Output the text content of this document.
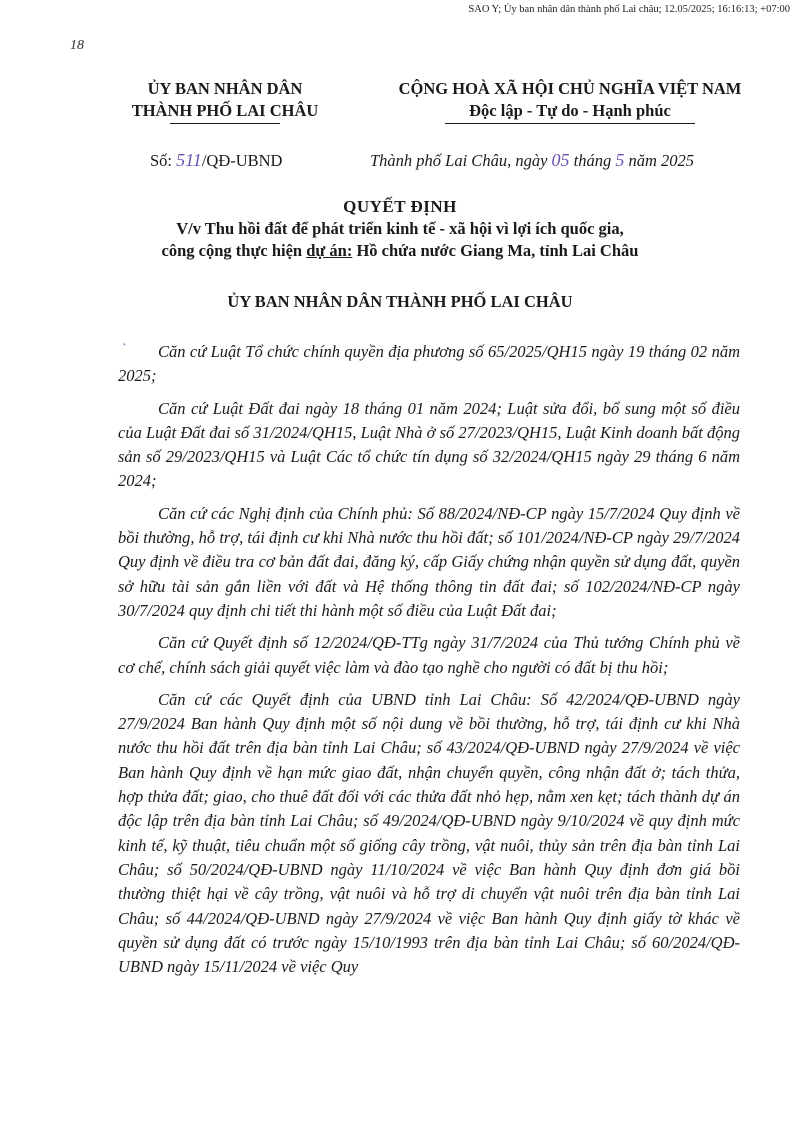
SAO Y; Ủy ban nhân dân thành phố Lai châu; 12.05/2025; 16:16:13; +07:00
18
ỦY BAN NHÂN DÂN
THÀNH PHỐ LAI CHÂU
CỘNG HOÀ XÃ HỘI CHỦ NGHĨA VIỆT NAM
Độc lập - Tự do - Hạnh phúc
Số: 511/QĐ-UBND	Thành phố Lai Châu, ngày 05 tháng 5 năm 2025
QUYẾT ĐỊNH
V/v Thu hồi đất để phát triển kinh tế - xã hội vì lợi ích quốc gia,
công cộng thực hiện dự án: Hồ chứa nước Giang Ma, tỉnh Lai Châu
ỦY BAN NHÂN DÂN THÀNH PHỐ LAI CHÂU
ˋ	Căn cứ Luật Tổ chức chính quyền địa phương số 65/2025/QH15 ngày 19 tháng 02 năm 2025;

Căn cứ Luật Đất đai ngày 18 tháng 01 năm 2024; Luật sửa đổi, bổ sung một số điều của Luật Đất đai số 31/2024/QH15, Luật Nhà ở số 27/2023/QH15, Luật Kinh doanh bất động sản số 29/2023/QH15 và Luật Các tổ chức tín dụng số 32/2024/QH15 ngày 29 tháng 6 năm 2024;

Căn cứ các Nghị định của Chính phủ: Số 88/2024/NĐ-CP ngày 15/7/2024 Quy định về bồi thường, hỗ trợ, tái định cư khi Nhà nước thu hồi đất; số 101/2024/NĐ-CP ngày 29/7/2024 Quy định về điều tra cơ bản đất đai, đăng ký, cấp Giấy chứng nhận quyền sử dụng đất, quyền sở hữu tài sản gắn liền với đất và Hệ thống thông tin đất đai; số 102/2024/NĐ-CP ngày 30/7/2024 quy định chi tiết thi hành một số điều của Luật Đất đai;

Căn cứ Quyết định số 12/2024/QĐ-TTg ngày 31/7/2024 của Thủ tướng Chính phủ về cơ chế, chính sách giải quyết việc làm và đào tạo nghề cho người có đất bị thu hồi;

Căn cứ các Quyết định của UBND tỉnh Lai Châu: Số 42/2024/QĐ-UBND ngày 27/9/2024 Ban hành Quy định một số nội dung về bồi thường, hỗ trợ, tái định cư khi Nhà nước thu hồi đất trên địa bàn tỉnh Lai Châu; số 43/2024/QĐ-UBND ngày 27/9/2024 về việc Ban hành Quy định về hạn mức giao đất, nhận chuyển quyền, công nhận đất ở; tách thửa, hợp thửa đất; giao, cho thuê đất đối với các thửa đất nhỏ hẹp, nằm xen kẹt; tách thành dự án độc lập trên địa bàn tỉnh Lai Châu; số 49/2024/QĐ-UBND ngày 9/10/2024 về quy định mức kinh tế, kỹ thuật, tiêu chuẩn một số giống cây trồng, vật nuôi, thủy sản trên địa bàn tỉnh Lai Châu; số 50/2024/QĐ-UBND ngày 11/10/2024 về việc Ban hành Quy định đơn giá bồi thường thiệt hại về cây trồng, vật nuôi và hỗ trợ di chuyển vật nuôi trên địa bàn tỉnh Lai Châu; số 44/2024/QĐ-UBND ngày 27/9/2024 về việc Ban hành Quy định giấy tờ khác về quyền sử dụng đất có trước ngày 15/10/1993 trên địa bàn tỉnh Lai Châu; số 60/2024/QĐ-UBND ngày 15/11/2024 về việc Quy
